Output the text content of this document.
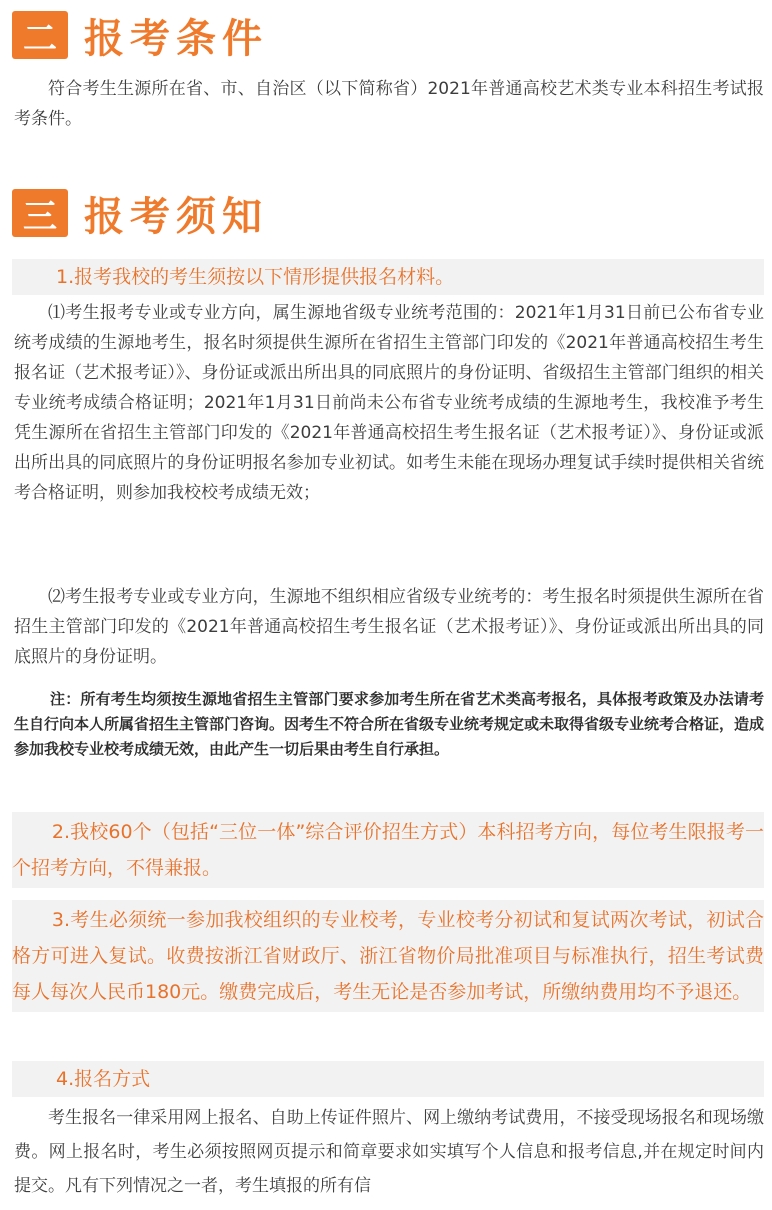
二 报考条件

符合考生生源所在省、市、自治区（以下简称省）2021年普通高校艺术类专业本科招生考试报考条件。

三 报考须知
1.报考我校的考生须按以下情形提供报名材料。

⑴考生报考专业或专业方向，属生源地省级专业统考范围的：2021年1月31日前已公布省专业统考成绩的生源地考生，报名时须提供生源所在省招生主管部门印发的《2021年普通高校招生考生报名证（艺术报考证）》、身份证或派出所出具的同底照片的身份证明、省级招生主管部门组织的相关专业统考成绩合格证明；2021年1月31日前尚未公布省专业统考成绩的生源地考生，我校准予考生凭生源所在省招生主管部门印发的《2021年普通高校招生考生报名证（艺术报考证）》、身份证或派出所出具的同底照片的身份证明报名参加专业初试。如考生未能在现场办理复试手续时提供相关省统考合格证明，则参加我校校考成绩无效；

⑵考生报考专业或专业方向，生源地不组织相应省级专业统考的：考生报名时须提供生源所在省招生主管部门印发的《2021年普通高校招生考生报名证（艺术报考证）》、身份证或派出所出具的同底照片的身份证明。

注：所有考生均须按生源地省招生主管部门要求参加考生所在省艺术类高考报名，具体报考政策及办法请考生自行向本人所属省招生主管部门咨询。因考生不符合所在省级专业统考规定或未取得省级专业统考合格证，造成参加我校专业校考成绩无效，由此产生一切后果由考生自行承担。

2.我校60个（包括“三位一体”综合评价招生方式）本科招考方向，每位考生限报考一个招考方向，不得兼报。

3.考生必须统一参加我校组织的专业校考，专业校考分初试和复试两次考试，初试合格方可进入复试。收费按浙江省财政厅、浙江省物价局批准项目与标准执行，招生考试费每人每次人民币180元。缴费完成后，考生无论是否参加考试，所缴纳费用均不予退还。

4.报名方式

考生报名一律采用网上报名、自助上传证件照片、网上缴纳考试费用，不接受现场报名和现场缴费。网上报名时，考生必须按照网页提示和简章要求如实填写个人信息和报考信息,并在规定时间内提交。凡有下列情况之一者，考生填报的所有信
